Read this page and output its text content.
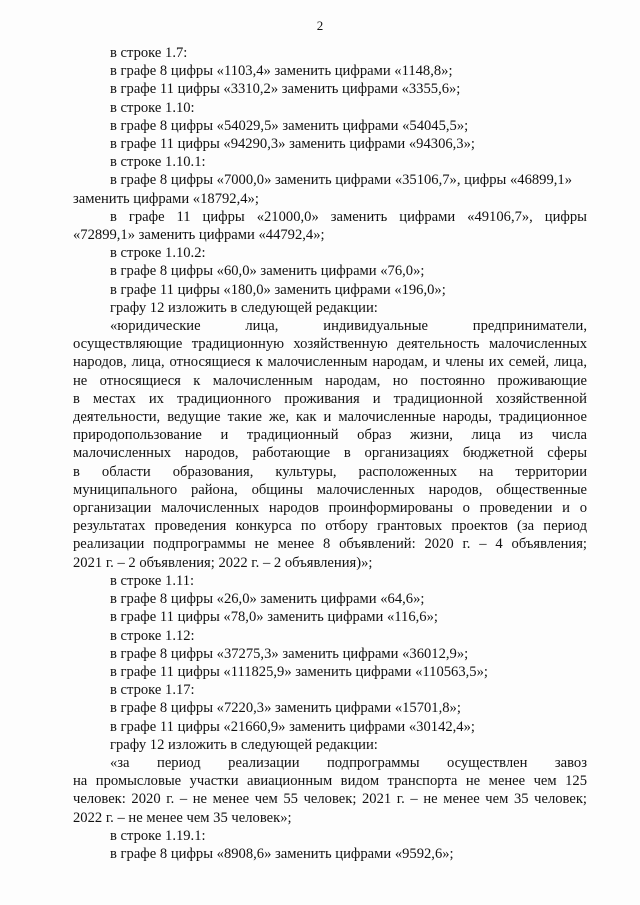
2
в строке 1.7:
в графе 8 цифры «1103,4» заменить цифрами «1148,8»;
в графе 11 цифры «3310,2» заменить цифрами «3355,6»;
в строке 1.10:
в графе 8 цифры «54029,5» заменить цифрами «54045,5»;
в графе 11 цифры «94290,3» заменить цифрами «94306,3»;
в строке 1.10.1:
в графе 8 цифры «7000,0» заменить цифрами «35106,7», цифры «46899,1»
заменить цифрами «18792,4»;
в графе 11 цифры «21000,0» заменить цифрами «49106,7», цифры
«72899,1» заменить цифрами «44792,4»;
в строке 1.10.2:
в графе 8 цифры «60,0» заменить цифрами «76,0»;
в графе 11 цифры «180,0» заменить цифрами «196,0»;
графу 12 изложить в следующей редакции:
«юридические лица, индивидуальные предприниматели,
осуществляющие традиционную хозяйственную деятельность малочисленных
народов, лица, относящиеся к малочисленным народам, и члены их семей, лица,
не относящиеся к малочисленным народам, но постоянно проживающие
в местах их традиционного проживания и традиционной хозяйственной
деятельности, ведущие такие же, как и малочисленные народы, традиционное
природопользование и традиционный образ жизни, лица из числа
малочисленных народов, работающие в организациях бюджетной сферы
в области образования, культуры, расположенных на территории
муниципального района, общины малочисленных народов, общественные
организации малочисленных народов проинформированы о проведении и о
результатах проведения конкурса по отбору грантовых проектов (за период
реализации подпрограммы не менее 8 объявлений: 2020 г. – 4 объявления;
2021 г. – 2 объявления; 2022 г. – 2 объявления)»;
в строке 1.11:
в графе 8 цифры «26,0» заменить цифрами «64,6»;
в графе 11 цифры «78,0» заменить цифрами «116,6»;
в строке 1.12:
в графе 8 цифры «37275,3» заменить цифрами «36012,9»;
в графе 11 цифры «111825,9» заменить цифрами «110563,5»;
в строке 1.17:
в графе 8 цифры «7220,3» заменить цифрами «15701,8»;
в графе 11 цифры «21660,9» заменить цифрами «30142,4»;
графу 12 изложить в следующей редакции:
«за период реализации подпрограммы осуществлен завоз
на промысловые участки авиационным видом транспорта не менее чем 125
человек: 2020 г. – не менее чем 55 человек; 2021 г. – не менее чем 35 человек;
2022 г. – не менее чем 35 человек»;
в строке 1.19.1:
в графе 8 цифры «8908,6» заменить цифрами «9592,6»;
